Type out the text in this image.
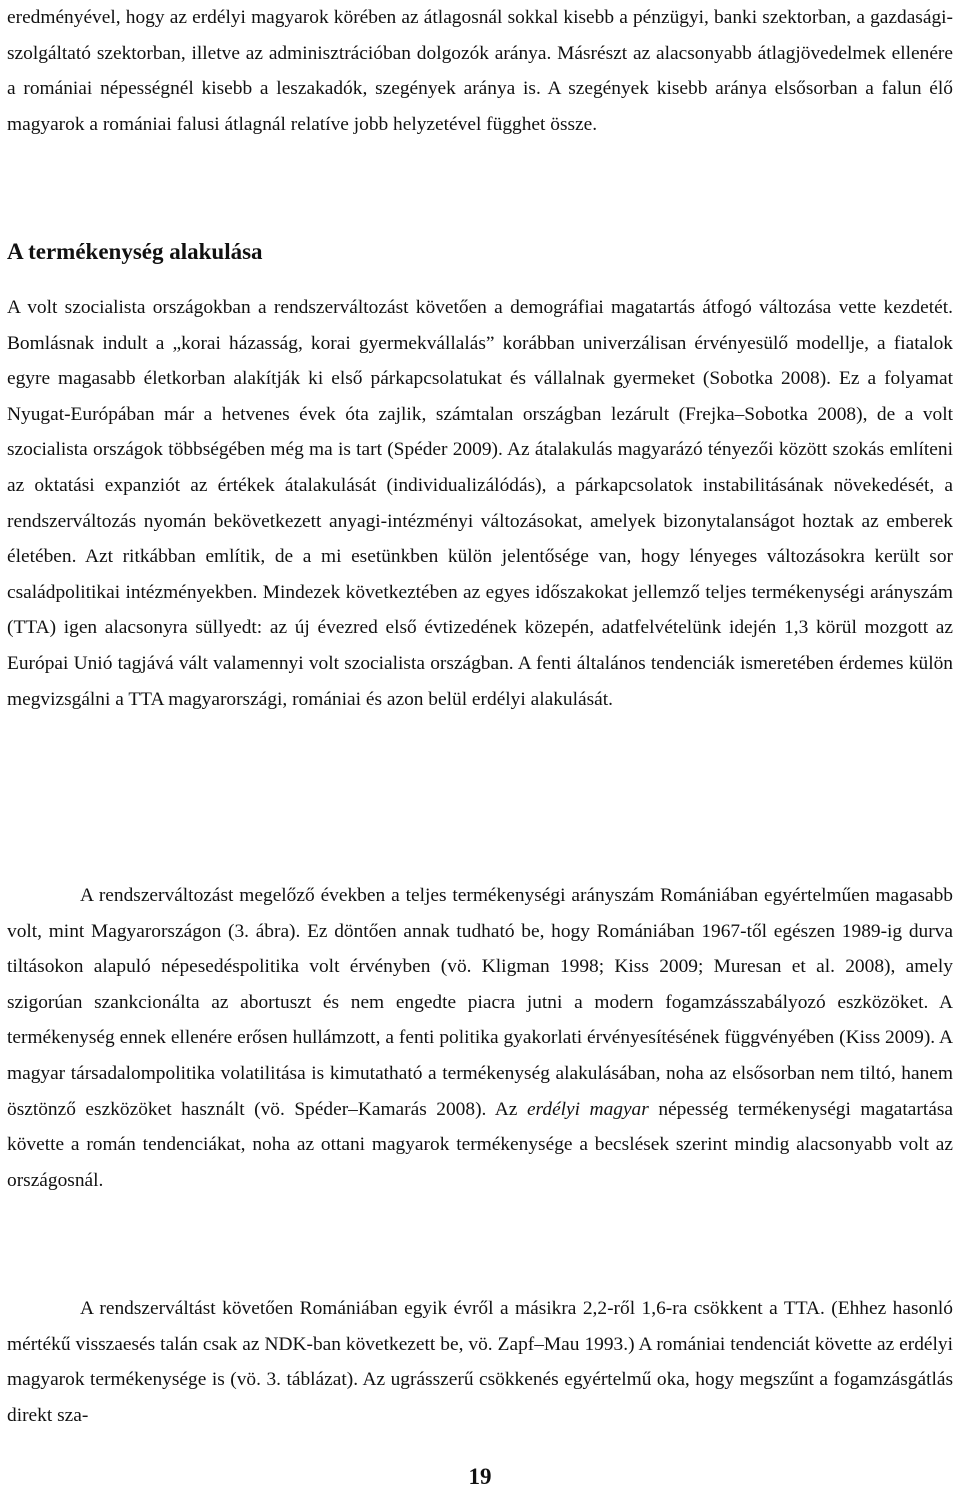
eredményével, hogy az erdélyi magyarok körében az átlagosnál sokkal kisebb a pénzügyi, banki szektorban, a gazdasági-szolgáltató szektorban, illetve az adminisztrációban dolgozók aránya. Másrészt az alacsonyabb átlagjövedelmek ellenére a romániai népességnél kisebb a leszakadók, szegények aránya is. A szegények kisebb aránya elsősorban a falun élő magyarok a romániai falusi átlagnál relatíve jobb helyzetével függhet össze.

A termékenység alakulása

A volt szocialista országokban a rendszerváltozást követően a demográfiai magatartás átfogó változása vette kezdetét. Bomlásnak indult a „korai házasság, korai gyermekvállalás” korábban univerzálisan érvényesülő modellje, a fiatalok egyre magasabb életkorban alakítják ki első párkapcsolatukat és vállalnak gyermeket (Sobotka 2008). Ez a folyamat Nyugat-Európában már a hetvenes évek óta zajlik, számtalan országban lezárult (Frejka–Sobotka 2008), de a volt szocialista országok többségében még ma is tart (Spéder 2009). Az átalakulás magyarázó tényezői között szokás említeni az oktatási expanziót az értékek átalakulását (individualizálódás), a párkapcsolatok instabilitásának növekedését, a rendszerváltozás nyomán bekövetkezett anyagi-intézményi változásokat, amelyek bizonytalanságot hoztak az emberek életében. Azt ritkábban említik, de a mi esetünkben külön jelentősége van, hogy lényeges változásokra került sor családpolitikai intézményekben. Mindezek következtében az egyes időszakokat jellemző teljes termékenységi arányszám (TTA) igen alacsonyra süllyedt: az új évezred első évtizedének közepén, adatfelvételünk idején 1,3 körül mozgott az Európai Unió tagjává vált valamennyi volt szocialista országban. A fenti általános tendenciák ismeretében érdemes külön megvizsgálni a TTA magyarországi, romániai és azon belül erdélyi alakulását.

A rendszerváltozást megelőző években a teljes termékenységi arányszám Romániában egyértelműen magasabb volt, mint Magyarországon (3. ábra). Ez döntően annak tudható be, hogy Romániában 1967-től egészen 1989-ig durva tiltásokon alapuló népesedéspolitika volt érvényben (vö. Kligman 1998; Kiss 2009; Muresan et al. 2008), amely szigorúan szankcionálta az abortuszt és nem engedte piacra jutni a modern fogamzásszabályozó eszközöket. A termékenység ennek ellenére erősen hullámzott, a fenti politika gyakorlati érvényesítésének függvényében (Kiss 2009). A magyar társadalompolitika volatilitása is kimutatható a termékenység alakulásában, noha az elsősorban nem tiltó, hanem ösztönző eszközöket használt (vö. Spéder–Kamarás 2008). Az erdélyi magyar népesség termékenységi magatartása követte a román tendenciákat, noha az ottani magyarok termékenysége a becslések szerint mindig alacsonyabb volt az országosnál.

A rendszerváltást követően Romániában egyik évről a másikra 2,2-ről 1,6-ra csökkent a TTA. (Ehhez hasonló mértékű visszaesés talán csak az NDK-ban következett be, vö. Zapf–Mau 1993.) A romániai tendenciát követte az erdélyi magyarok termékenysége is (vö. 3. táblázat). Az ugrásszerű csökkenés egyértelmű oka, hogy megszűnt a fogamzásgátlás direkt sza-

19
